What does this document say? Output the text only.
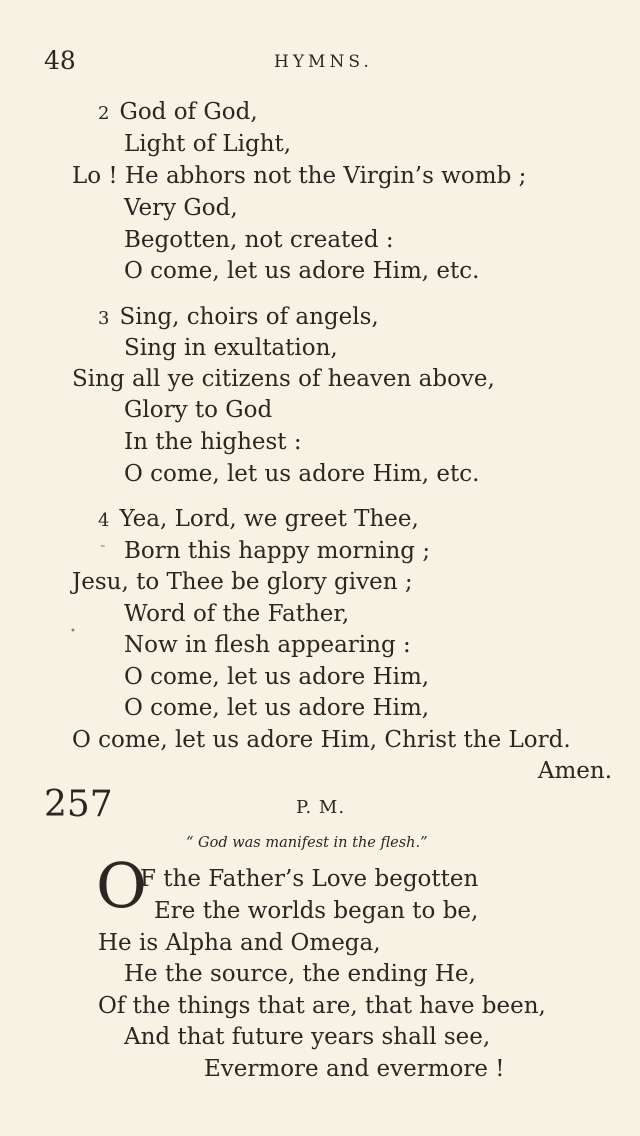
48	HYMNS.
2 God of God,
Light of Light,
Lo ! He abhors not the Virgin’s womb ;
Very God,
Begotten, not created :
O come, let us adore Him, etc.
3 Sing, choirs of angels,
Sing in exultation,
Sing all ye citizens of heaven above,
Glory to God
In the highest :
O come, let us adore Him, etc.
-
•
4 Yea, Lord, we greet Thee,
Born this happy morning ;
Jesu, to Thee be glory given ;
Word of the Father,
Now in flesh appearing :
O come, let us adore Him,
O come, let us adore Him,
O come, let us adore Him, Christ the Lord.
Amen.
257	P. M.
“ God was manifest in the flesh.”
O
F the Father’s Love begotten
Ere the worlds began to be,
He is Alpha and Omega,
He the source, the ending He,
Of the things that are, that have been,
And that future years shall see,
Evermore and evermore !
